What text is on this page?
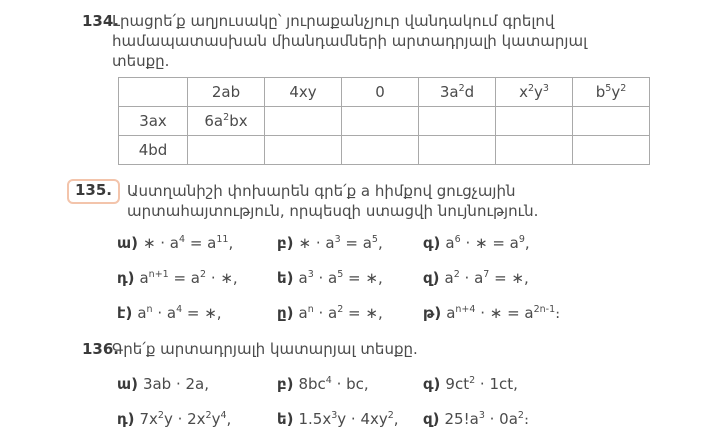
134.

Լրացրե՛ք աղյուսակը՝ յուրաքանչյուր վանդակում գրելով համապատասխան միանդամների արտադրյալի կատարյալ տեսքը.

	2ab	4xy	0	$3a^2d$	$x^2y^3$	$b^5y^2$
3ax	$6a^2bx$					
4bd						
135.	Աստղանիշի փոխարեն գրե՛ք a հիմքով ցուցչային արտահայտություն, որպեսզի ստացվի նույնություն.

ա) ∗ · $a^4 = a^{11}$,	բ) ∗ · $a^3 = a^5$,	գ) $a^6$ · ∗ = $a^9$,
դ) $a^{n+1} = a^2$ · ∗,	ե) $a^3 \cdot a^5$ = ∗,	զ) $a^2 \cdot a^7$ = ∗,
է) $a^n \cdot a^4$ = ∗,	ը) $a^n \cdot a^2$ = ∗,	թ) $a^{n+4}$ · ∗ = $a^{2n-1}։$
136.

Գրե՛ք արտադրյալի կատարյալ տեսքը.

ա) 3ab · 2a,	բ) $8bc^4$ · bc,	գ) $9ct^2 \cdot 1ct$,
դ) $7x^2y \cdot 2x^2y^4$,	ե) $1.5x^3y \cdot 4xy^2$,	զ) $25!a^3$ · $0a^2։$
